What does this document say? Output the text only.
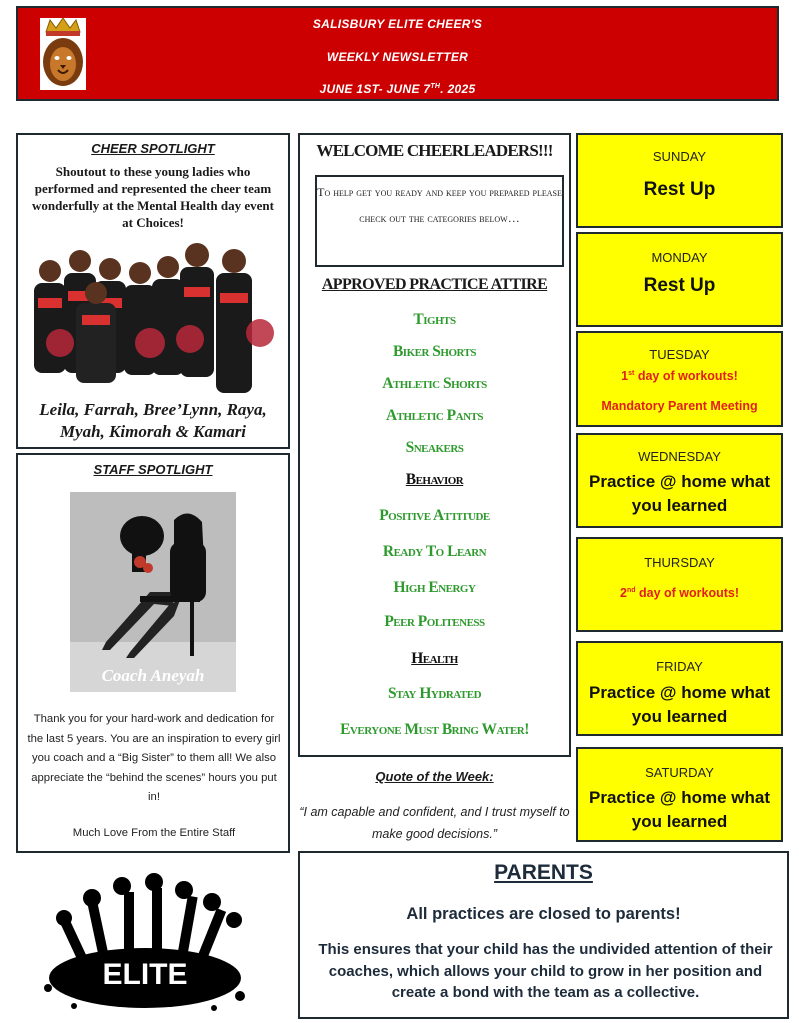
SALISBURY ELITE CHEER'S
WEEKLY NEWSLETTER
JUNE 1ST- JUNE 7TH. 2025
CHEER SPOTLIGHT
Shoutout to these young ladies who performed and represented the cheer team wonderfully at the Mental Health day event at Choices!
Leila, Farrah, Bree’Lynn, Raya,
Myah, Kimorah & Kamari
STAFF SPOTLIGHT
Coach Aneyah
Thank you for your hard-work and dedication for the last 5 years. You are an inspiration to every girl you coach and a “Big Sister” to them all! We also appreciate the “behind the scenes” hours you put in!
Much Love From the Entire Staff
ELITE
WELCOME CHEERLEADERS!!!
To help get you ready and keep you prepared please check out the categories below…
APPROVED PRACTICE ATTIRE
Tights
Biker Shorts
Athletic Shorts
Athletic Pants
Sneakers
Behavior
Positive Attitude
Ready To Learn
High Energy
Peer Politeness
Health
Stay Hydrated
Everyone Must Bring Water!
Quote of the Week:
“I am capable and confident, and I trust myself to make good decisions.”
SUNDAY
Rest Up
MONDAY
Rest Up
TUESDAY
1st day of workouts!
Mandatory Parent Meeting
WEDNESDAY
Practice @ home what you learned
THURSDAY
2nd day of workouts!
FRIDAY
Practice @ home what you learned
SATURDAY
Practice @ home what you learned
PARENTS
All practices are closed to parents!
This ensures that your child has the undivided attention of their coaches, which allows your child to grow in her position and create a bond with the team as a collective.
